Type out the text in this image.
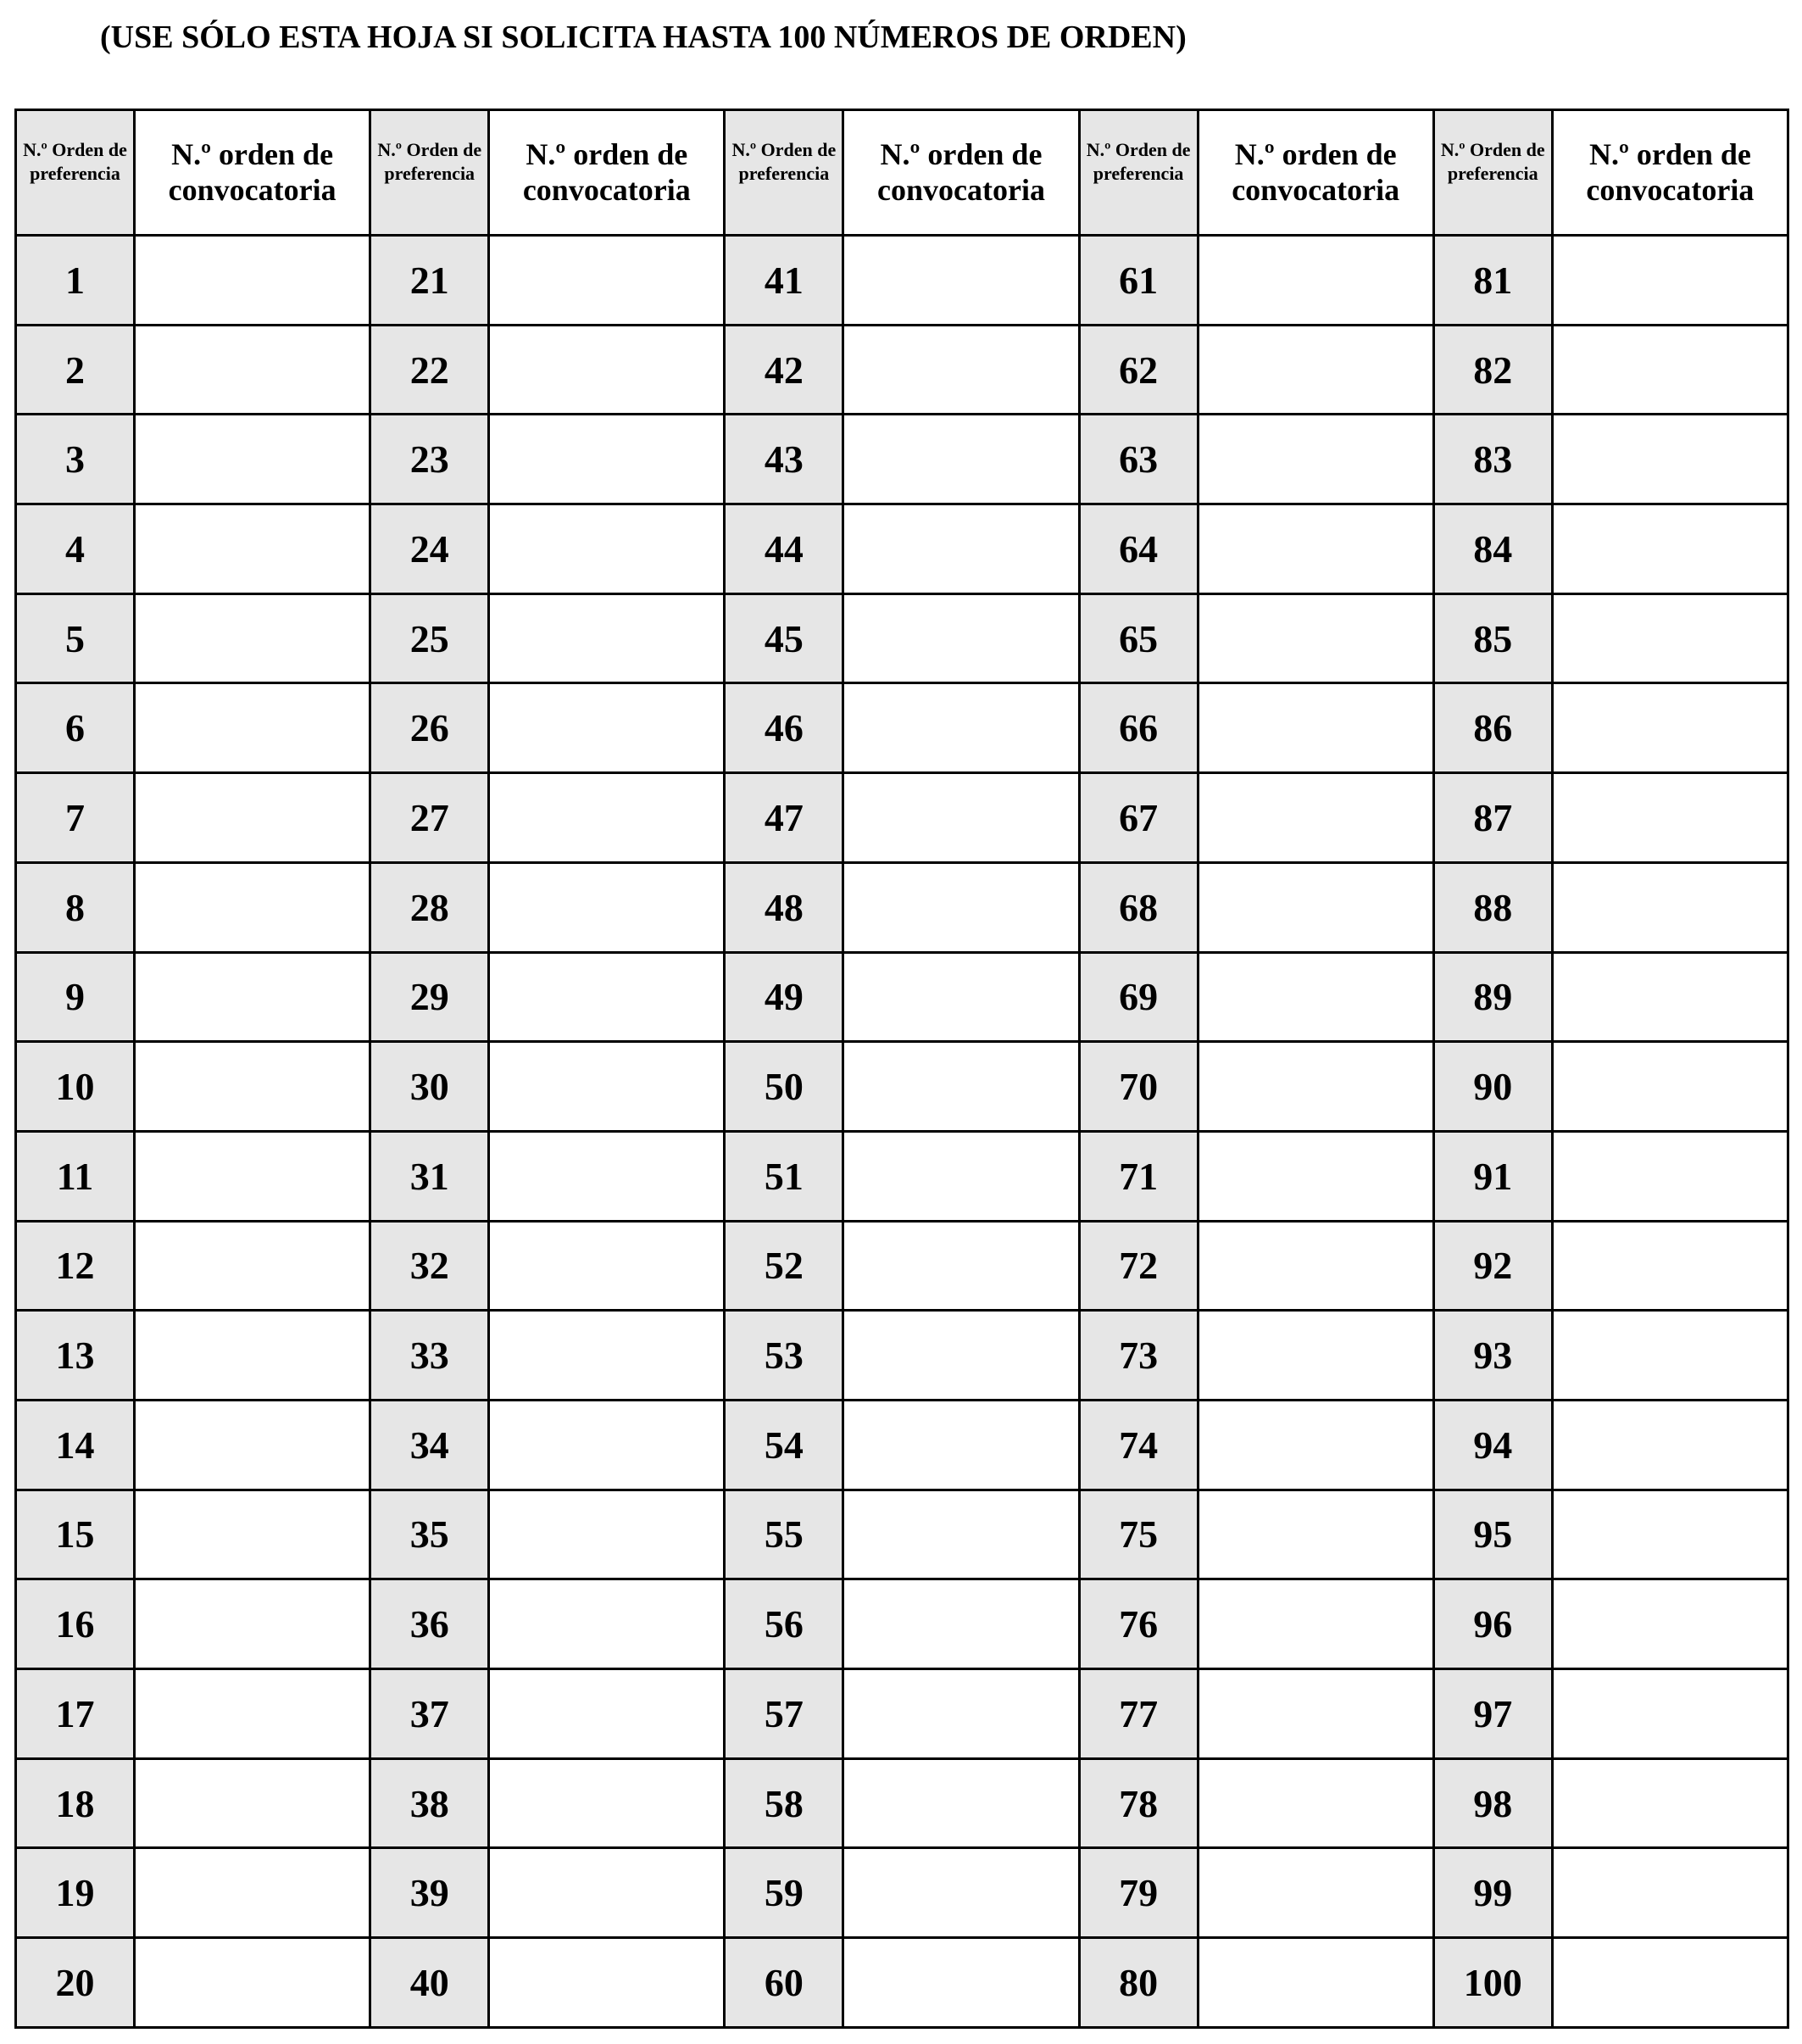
(USE SÓLO ESTA HOJA SI SOLICITA HASTA 100 NÚMEROS DE ORDEN)
N.º Orden de preferencia	N.º orden de convocatoria	N.º Orden de preferencia	N.º orden de convocatoria	N.º Orden de preferencia	N.º orden de convocatoria	N.º Orden de preferencia	N.º orden de convocatoria	N.º Orden de preferencia	N.º orden de convocatoria
1		21		41		61		81	
2		22		42		62		82	
3		23		43		63		83	
4		24		44		64		84	
5		25		45		65		85	
6		26		46		66		86	
7		27		47		67		87	
8		28		48		68		88	
9		29		49		69		89	
10		30		50		70		90	
11		31		51		71		91	
12		32		52		72		92	
13		33		53		73		93	
14		34		54		74		94	
15		35		55		75		95	
16		36		56		76		96	
17		37		57		77		97	
18		38		58		78		98	
19		39		59		79		99	
20		40		60		80		100	
